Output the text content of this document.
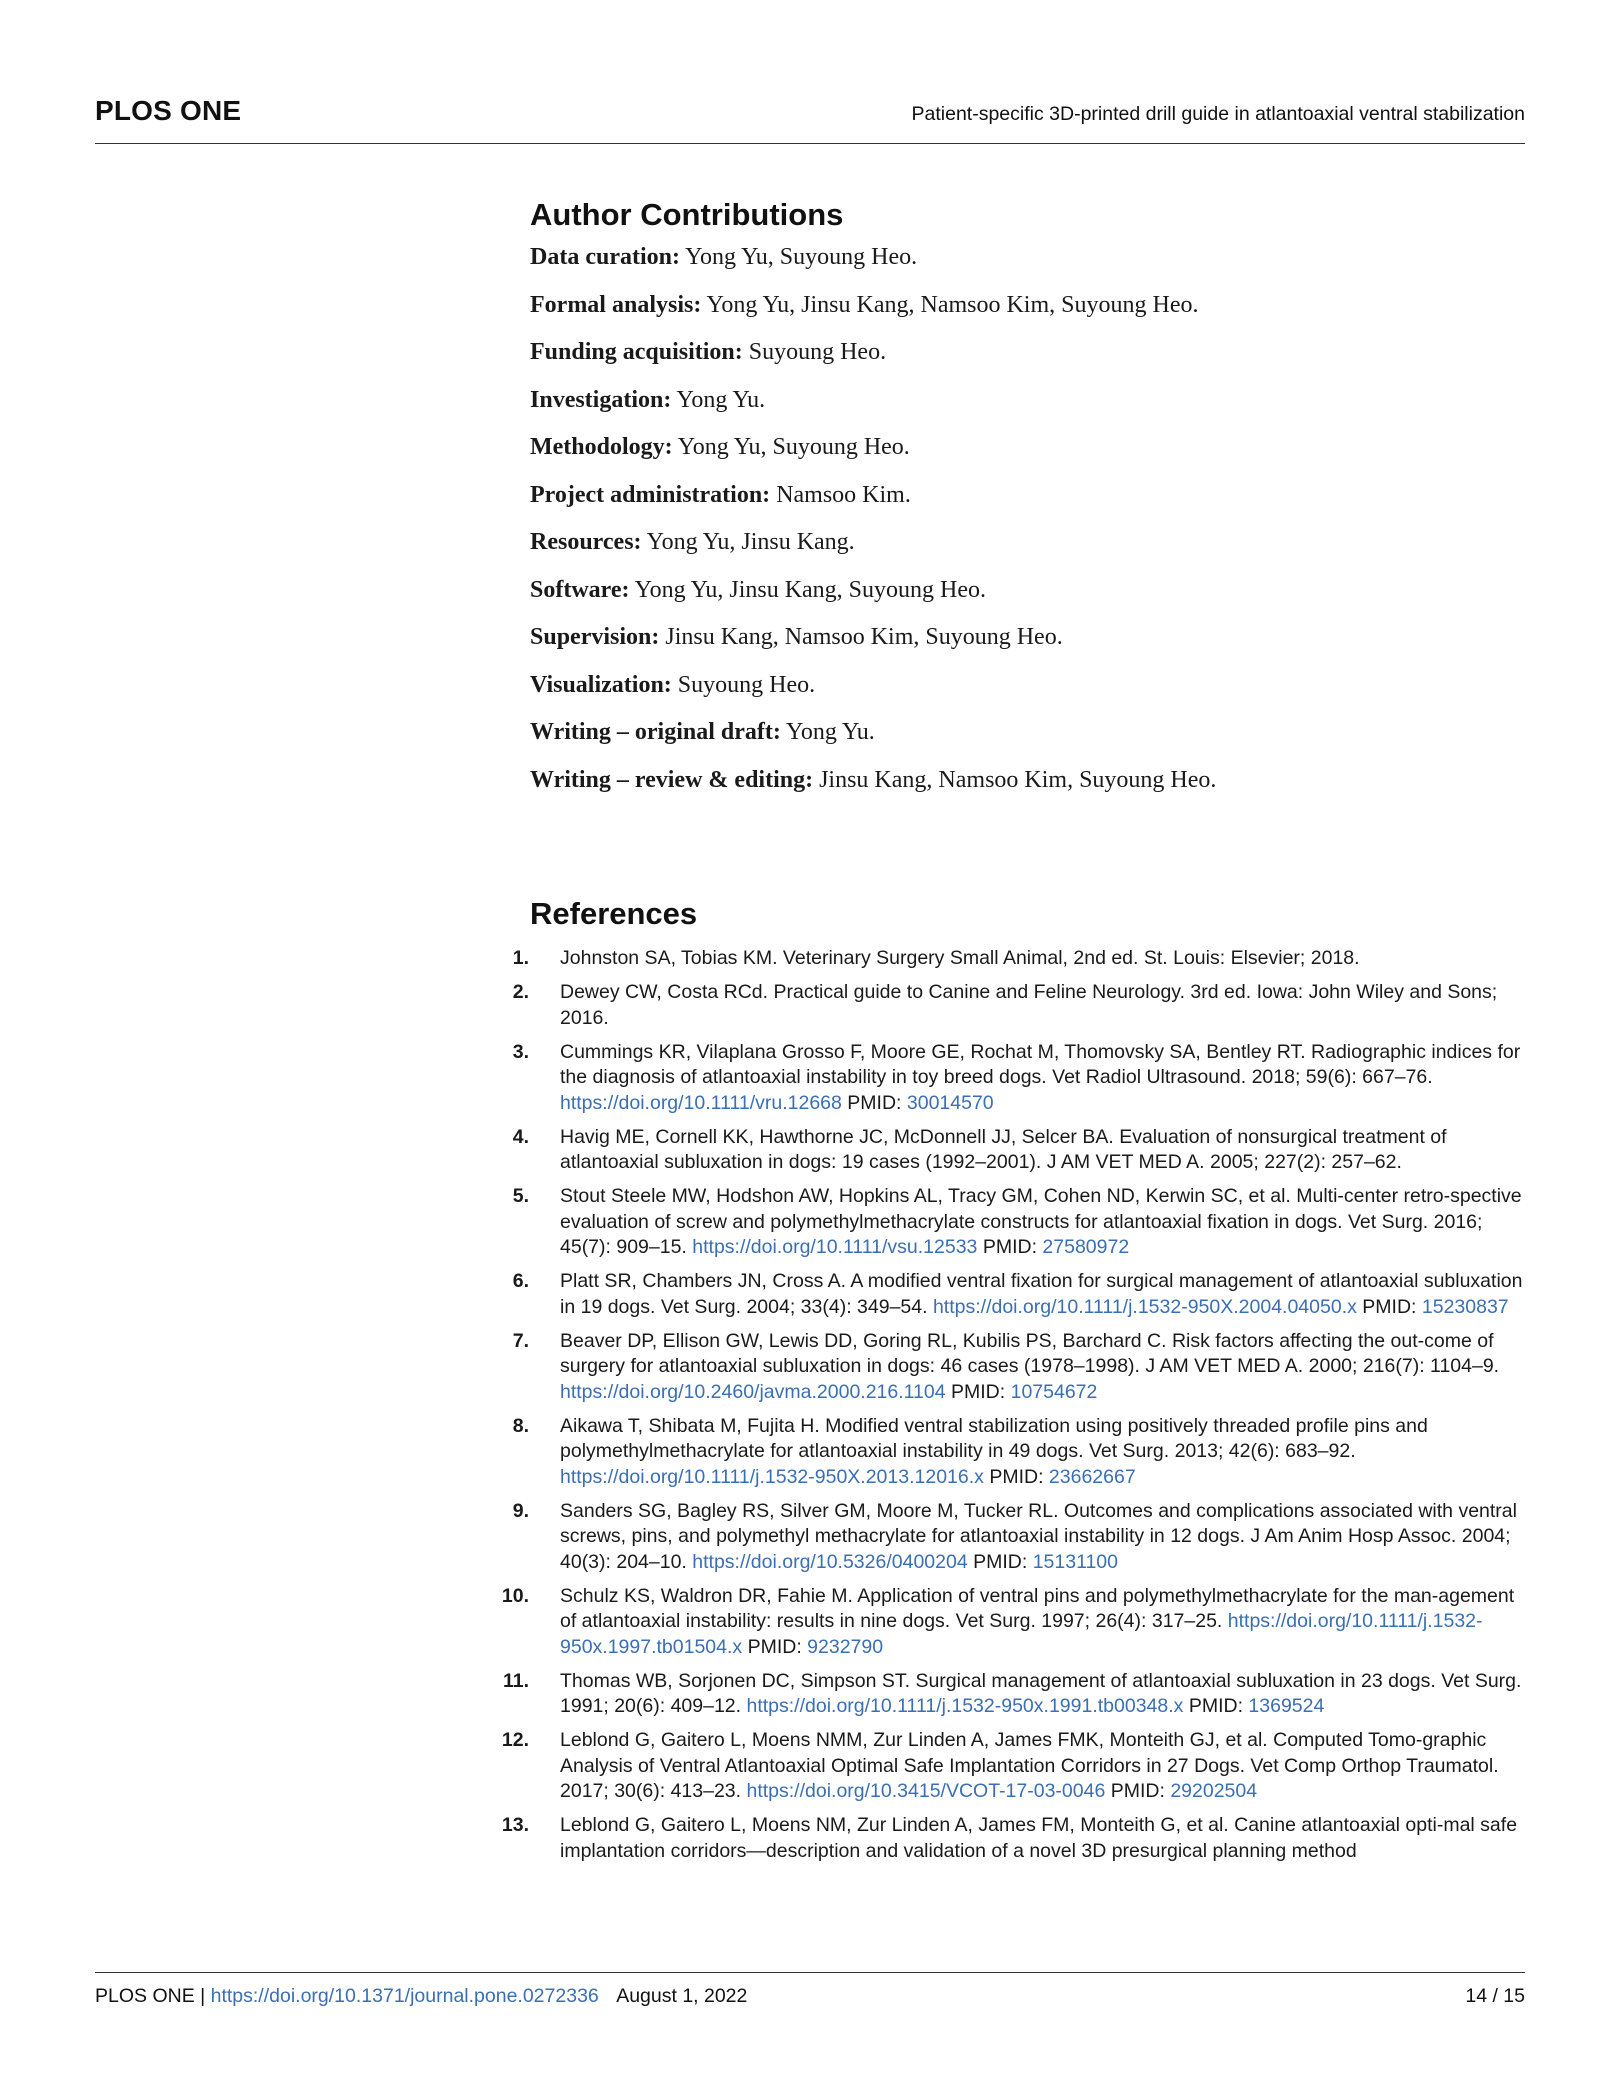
PLOS ONE	Patient-specific 3D-printed drill guide in atlantoaxial ventral stabilization
Author Contributions
Data curation: Yong Yu, Suyoung Heo.
Formal analysis: Yong Yu, Jinsu Kang, Namsoo Kim, Suyoung Heo.
Funding acquisition: Suyoung Heo.
Investigation: Yong Yu.
Methodology: Yong Yu, Suyoung Heo.
Project administration: Namsoo Kim.
Resources: Yong Yu, Jinsu Kang.
Software: Yong Yu, Jinsu Kang, Suyoung Heo.
Supervision: Jinsu Kang, Namsoo Kim, Suyoung Heo.
Visualization: Suyoung Heo.
Writing – original draft: Yong Yu.
Writing – review & editing: Jinsu Kang, Namsoo Kim, Suyoung Heo.
References
1.	Johnston SA, Tobias KM. Veterinary Surgery Small Animal, 2nd ed. St. Louis: Elsevier; 2018.
2.	Dewey CW, Costa RCd. Practical guide to Canine and Feline Neurology. 3rd ed. Iowa: John Wiley and Sons; 2016.
3.	Cummings KR, Vilaplana Grosso F, Moore GE, Rochat M, Thomovsky SA, Bentley RT. Radiographic indices for the diagnosis of atlantoaxial instability in toy breed dogs. Vet Radiol Ultrasound. 2018; 59(6): 667–76. https://doi.org/10.1111/vru.12668 PMID: 30014570
4.	Havig ME, Cornell KK, Hawthorne JC, McDonnell JJ, Selcer BA. Evaluation of nonsurgical treatment of atlantoaxial subluxation in dogs: 19 cases (1992–2001). J AM VET MED A. 2005; 227(2): 257–62.
5.	Stout Steele MW, Hodshon AW, Hopkins AL, Tracy GM, Cohen ND, Kerwin SC, et al. Multi-center retro-spective evaluation of screw and polymethylmethacrylate constructs for atlantoaxial fixation in dogs. Vet Surg. 2016; 45(7): 909–15. https://doi.org/10.1111/vsu.12533 PMID: 27580972
6.	Platt SR, Chambers JN, Cross A. A modified ventral fixation for surgical management of atlantoaxial subluxation in 19 dogs. Vet Surg. 2004; 33(4): 349–54. https://doi.org/10.1111/j.1532-950X.2004.04050.x PMID: 15230837
7.	Beaver DP, Ellison GW, Lewis DD, Goring RL, Kubilis PS, Barchard C. Risk factors affecting the out-come of surgery for atlantoaxial subluxation in dogs: 46 cases (1978–1998). J AM VET MED A. 2000; 216(7): 1104–9. https://doi.org/10.2460/javma.2000.216.1104 PMID: 10754672
8.	Aikawa T, Shibata M, Fujita H. Modified ventral stabilization using positively threaded profile pins and polymethylmethacrylate for atlantoaxial instability in 49 dogs. Vet Surg. 2013; 42(6): 683–92. https://doi.org/10.1111/j.1532-950X.2013.12016.x PMID: 23662667
9.	Sanders SG, Bagley RS, Silver GM, Moore M, Tucker RL. Outcomes and complications associated with ventral screws, pins, and polymethyl methacrylate for atlantoaxial instability in 12 dogs. J Am Anim Hosp Assoc. 2004; 40(3): 204–10. https://doi.org/10.5326/0400204 PMID: 15131100
10.	Schulz KS, Waldron DR, Fahie M. Application of ventral pins and polymethylmethacrylate for the man-agement of atlantoaxial instability: results in nine dogs. Vet Surg. 1997; 26(4): 317–25. https://doi.org/10.1111/j.1532-950x.1997.tb01504.x PMID: 9232790
11.	Thomas WB, Sorjonen DC, Simpson ST. Surgical management of atlantoaxial subluxation in 23 dogs. Vet Surg. 1991; 20(6): 409–12. https://doi.org/10.1111/j.1532-950x.1991.tb00348.x PMID: 1369524
12.	Leblond G, Gaitero L, Moens NMM, Zur Linden A, James FMK, Monteith GJ, et al. Computed Tomo-graphic Analysis of Ventral Atlantoaxial Optimal Safe Implantation Corridors in 27 Dogs. Vet Comp Orthop Traumatol. 2017; 30(6): 413–23. https://doi.org/10.3415/VCOT-17-03-0046 PMID: 29202504
13.	Leblond G, Gaitero L, Moens NM, Zur Linden A, James FM, Monteith G, et al. Canine atlantoaxial opti-mal safe implantation corridors—description and validation of a novel 3D presurgical planning method
PLOS ONE | https://doi.org/10.1371/journal.pone.0272336 August 1, 2022	14 / 15
